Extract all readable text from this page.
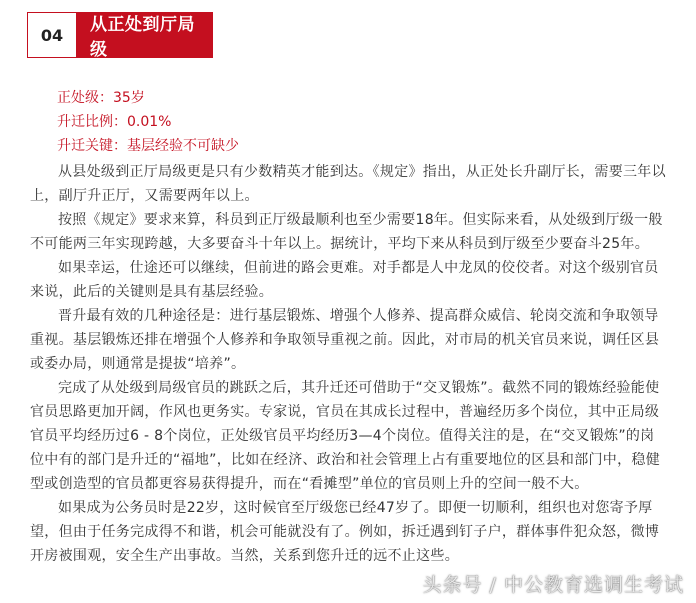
04	从正处到厅局级
正处级：35岁
升迁比例：0.01%
升迁关键：基层经验不可缺少

从县处级到正厅局级更是只有少数精英才能到达。《规定》指出，从正处长升副厅长，需要三年以上，副厅升正厅，又需要两年以上。

按照《规定》要求来算，科员到正厅级最顺利也至少需要18年。但实际来看，从处级到厅级一般不可能两三年实现跨越，大多要奋斗十年以上。据统计，平均下来从科员到厅级至少要奋斗25年。

如果幸运，仕途还可以继续，但前进的路会更难。对手都是人中龙凤的佼佼者。对这个级别官员来说，此后的关键则是具有基层经验。

晋升最有效的几种途径是：进行基层锻炼、增强个人修养、提高群众威信、轮岗交流和争取领导重视。基层锻炼还排在增强个人修养和争取领导重视之前。因此，对市局的机关官员来说，调任区县或委办局，则通常是提拔“培养”。

完成了从处级到局级官员的跳跃之后，其升迁还可借助于“交叉锻炼”。截然不同的锻炼经验能使官员思路更加开阔，作风也更务实。专家说，官员在其成长过程中，普遍经历多个岗位，其中正局级官员平均经历过6 - 8个岗位，正处级官员平均经历3—4个岗位。值得关注的是，在“交叉锻炼”的岗位中有的部门是升迁的“福地”，比如在经济、政治和社会管理上占有重要地位的区县和部门中，稳健型或创造型的官员都更容易获得提升，而在“看摊型”单位的官员则上升的空间一般不大。

如果成为公务员时是22岁，这时候官至厅级您已经47岁了。即便一切顺利，组织也对您寄予厚望，但由于任务完成得不和谐，机会可能就没有了。例如，拆迁遇到钉子户，群体事件犯众怒，微博开房被围观，安全生产出事故。当然，关系到您升迁的远不止这些。

头条号 / 中公教育选调生考试
